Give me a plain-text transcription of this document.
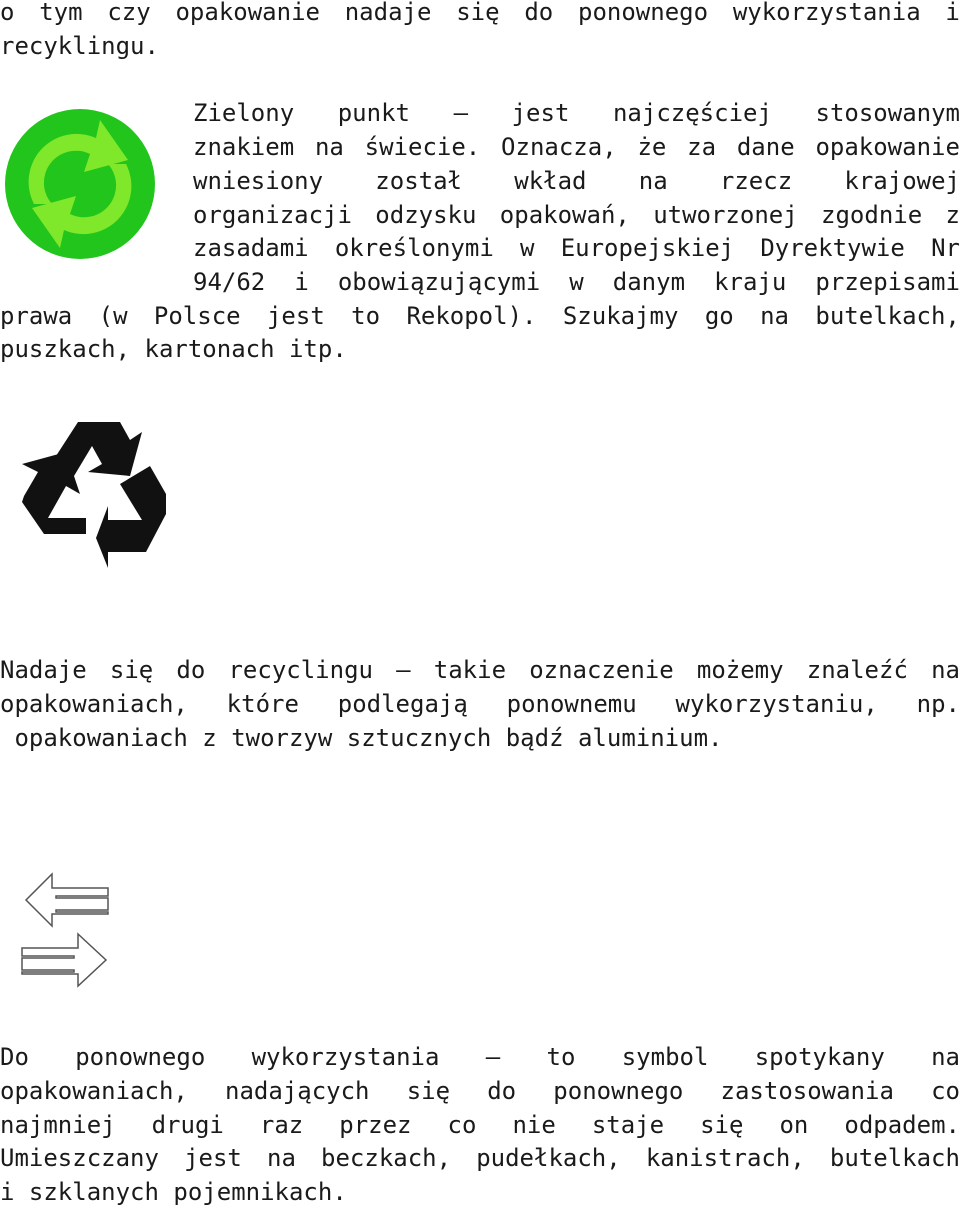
o tym czy opakowanie nadaje się do ponownego wykorzystania i
recyklingu.
Zielony punkt – jest najczęściej stosowanym
znakiem na świecie. Oznacza, że za dane opakowanie
wniesiony został wkład na rzecz krajowej
organizacji odzysku opakowań, utworzonej zgodnie z
zasadami określonymi w Europejskiej Dyrektywie Nr
94/62 i obowiązującymi w danym kraju przepisami
prawa (w Polsce jest to Rekopol). Szukajmy go na butelkach,
puszkach, kartonach itp.
Nadaje się do recyclingu – takie oznaczenie możemy znaleźć na
opakowaniach, które podlegają ponownemu wykorzystaniu, np.
opakowaniach z tworzyw sztucznych bądź aluminium.
Do ponownego wykorzystania – to symbol spotykany na
opakowaniach, nadających się do ponownego zastosowania co
najmniej drugi raz przez co nie staje się on odpadem.
Umieszczany jest na beczkach, pudełkach, kanistrach, butelkach
i szklanych pojemnikach.
